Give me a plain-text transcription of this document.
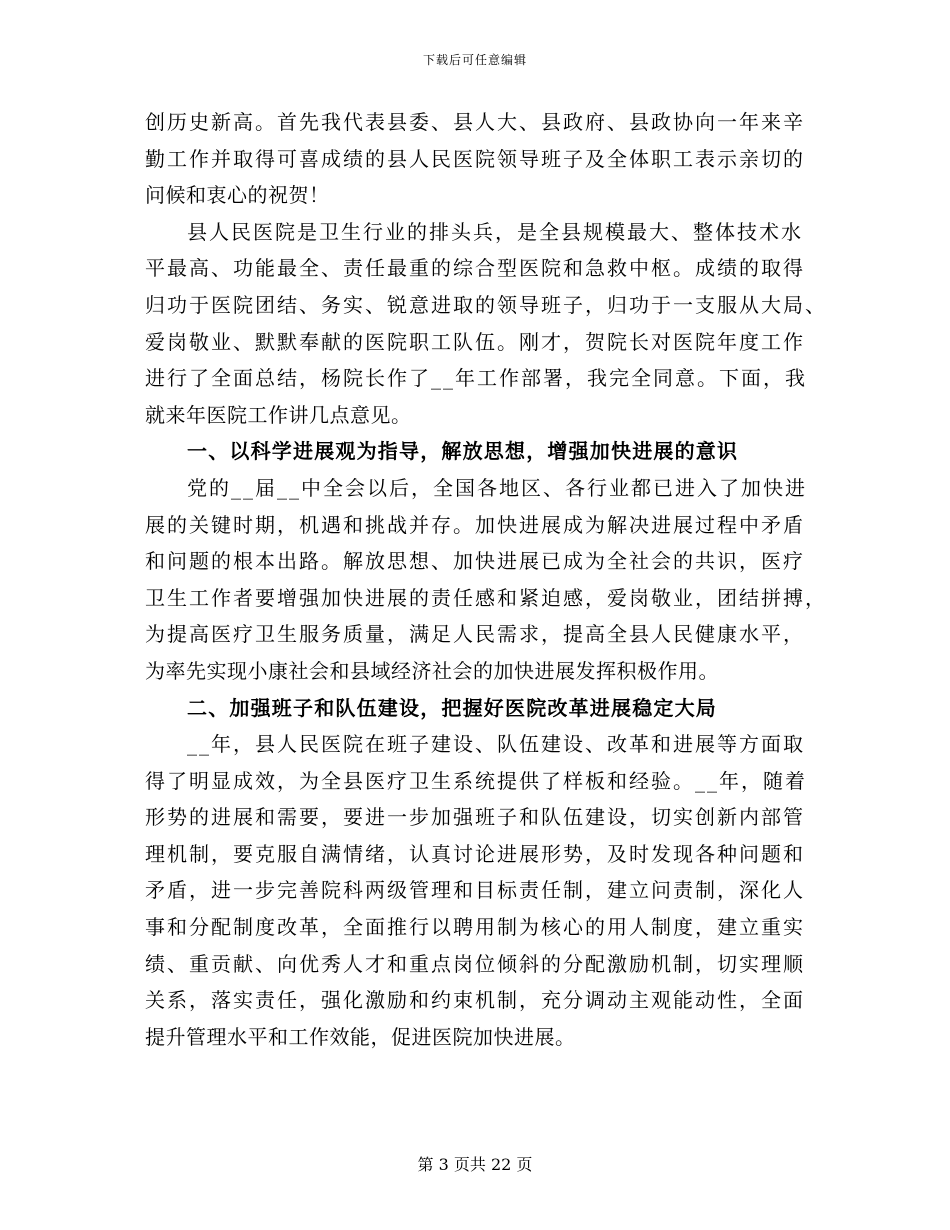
下载后可任意编辑
创历史新高。首先我代表县委、县人大、县政府、县政协向一年来辛
勤工作并取得可喜成绩的县人民医院领导班子及全体职工表示亲切的
问候和衷心的祝贺！
县人民医院是卫生行业的排头兵，是全县规模最大、整体技术水
平最高、功能最全、责任最重的综合型医院和急救中枢。成绩的取得
归功于医院团结、务实、锐意进取的领导班子，归功于一支服从大局、
爱岗敬业、默默奉献的医院职工队伍。刚才，贺院长对医院年度工作
进行了全面总结，杨院长作了__年工作部署，我完全同意。下面，我
就来年医院工作讲几点意见。
一、以科学进展观为指导，解放思想，增强加快进展的意识
党的__届__中全会以后，全国各地区、各行业都已进入了加快进
展的关键时期，机遇和挑战并存。加快进展成为解决进展过程中矛盾
和问题的根本出路。解放思想、加快进展已成为全社会的共识，医疗
卫生工作者要增强加快进展的责任感和紧迫感，爱岗敬业，团结拼搏，
为提高医疗卫生服务质量，满足人民需求，提高全县人民健康水平，
为率先实现小康社会和县域经济社会的加快进展发挥积极作用。
二、加强班子和队伍建设，把握好医院改革进展稳定大局
__年，县人民医院在班子建设、队伍建设、改革和进展等方面取
得了明显成效，为全县医疗卫生系统提供了样板和经验。__年，随着
形势的进展和需要，要进一步加强班子和队伍建设，切实创新内部管
理机制，要克服自满情绪，认真讨论进展形势，及时发现各种问题和
矛盾，进一步完善院科两级管理和目标责任制，建立问责制，深化人
事和分配制度改革，全面推行以聘用制为核心的用人制度，建立重实
绩、重贡献、向优秀人才和重点岗位倾斜的分配激励机制，切实理顺
关系，落实责任，强化激励和约束机制，充分调动主观能动性，全面
提升管理水平和工作效能，促进医院加快进展。
第 3 页共 22 页
